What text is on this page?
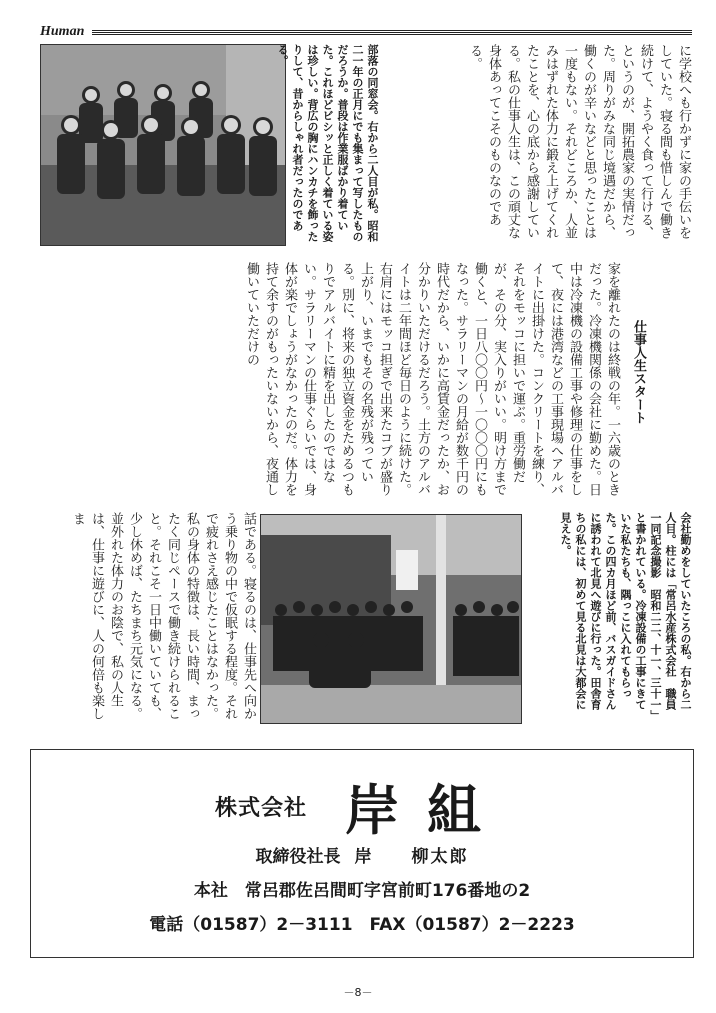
Human
部落の同窓会。右から二人目が私。昭和二一年の正月にでも集まって写したものだろうか。普段は作業服ばかり着ていた。これほどビシッと正しく着ている姿は珍しい。背広の胸にハンカチを飾ったりして、昔からしゃれ者だったのである。	に学校へも行かずに家の手伝いをしていた。寝る間も惜しんで働き続けて、ようやく食って行ける、というのが、開拓農家の実情だった。周りがみな同じ境遇だから、働くのが辛いなどと思ったことは一度もない。それどころか、人並みはずれた体力に鍛え上げてくれたことを、心の底から感謝している。私の仕事人生は、この頑丈な身体あってこそのものなのである。
仕事人生スタート
家を離れたのは終戦の年。一六歳のときだった。冷凍機関係の会社に勤めた。日中は冷凍機の設備工事や修理の仕事をして、夜には港湾などの工事現場へアルバイトに出掛けた。コンクリートを練り、それをモッコに担いで運ぶ。重労働だが、その分、実入りがいい。明け方まで働くと、一日八〇〇円～一〇〇〇円にもなった。サラリーマンの月給が数千円の時代だから、いかに高賃金だったか、お分かりいただけるだろう。土方のアルバイトは二年間ほど毎日のように続けた。右肩にはモッコ担ぎで出来たコブが盛り上がり、いまでもその名残が残っている。別に、将来の独立資金をためるつもりでアルバイトに精を出したのではない。サラリーマンの仕事ぐらいでは、身体が楽でしょうがなかったのだ。体力を持て余すのがもったいないから、夜通し働いていただけの
会社勤めをしていたころの私。右から二人目。柱には「常呂水産株式会社　職員一同記念撮影　昭和二二、十一、三十一」と書かれている。冷凍設備の工事にきていた私たちも、隅っこに入れてもらった。この四カ月ほど前、バスガイドさんに誘われて北見へ遊びに行った。田舎育ちの私には、初めて見る北見は大都会に見えた。
話である。寝るのは、仕事先へ向かう乗り物の中で仮眠する程度。それで疲れさえ感じたことはなかった。私の身体の特徴は、長い時間、まったく同じペースで働き続けられること。それこそ一日中働いていても、少し休めば、たちまち元気になる。並外れた体力のお陰で、私の人生は、仕事に遊びに、人の何倍も楽しま
株式会社 岸組
取締役社長 岸　　柳太郎
本社　常呂郡佐呂間町字宮前町176番地の2
電話（01587）2－3111　FAX（01587）2－2223
－8－
